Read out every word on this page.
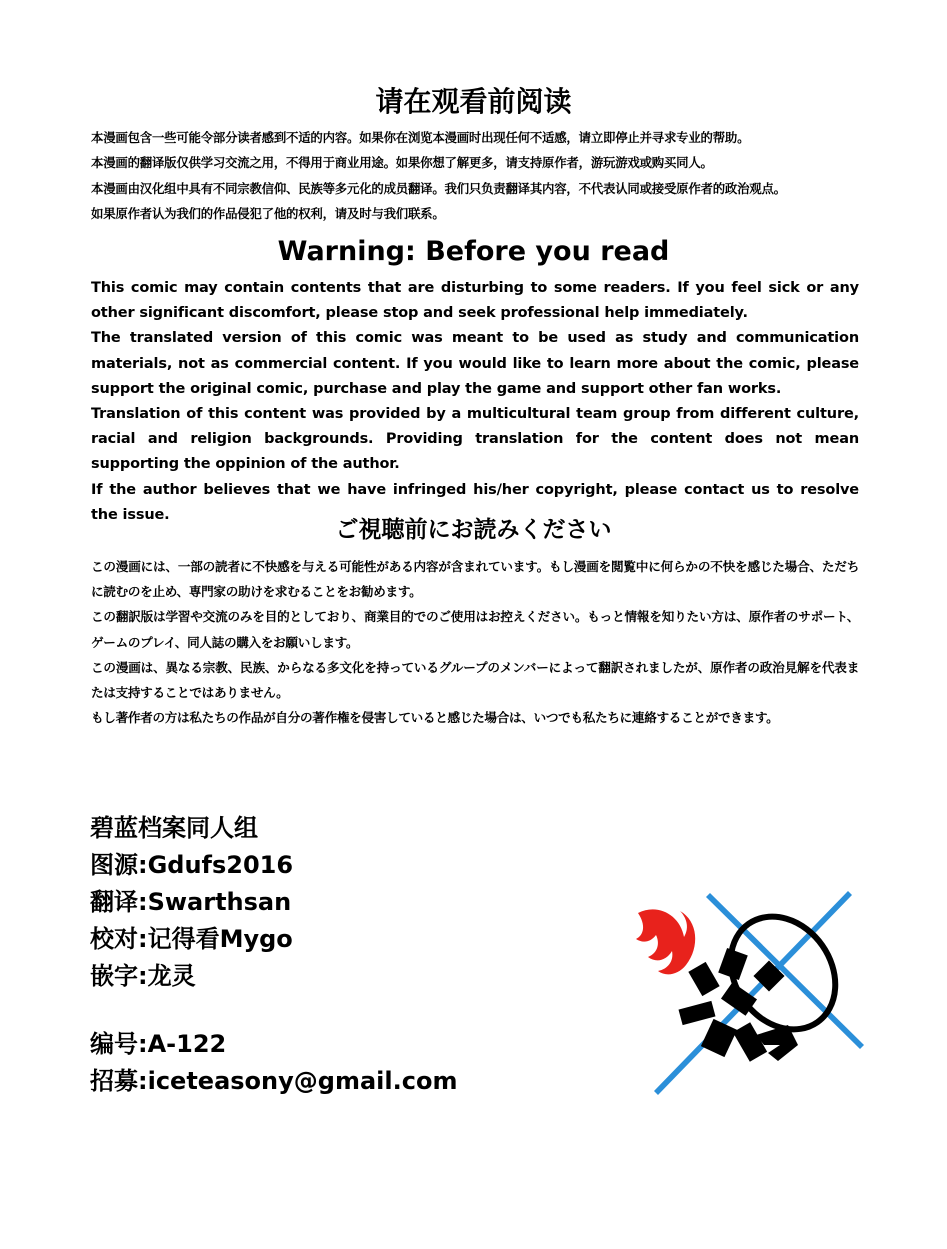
请在观看前阅读

本漫画包含一些可能令部分读者感到不适的内容。如果你在浏览本漫画时出现任何不适感，请立即停止并寻求专业的帮助。

本漫画的翻译版仅供学习交流之用，不得用于商业用途。如果你想了解更多，请支持原作者，游玩游戏或购买同人。

本漫画由汉化组中具有不同宗教信仰、民族等多元化的成员翻译。我们只负责翻译其内容，不代表认同或接受原作者的政治观点。

如果原作者认为我们的作品侵犯了他的权利，请及时与我们联系。

Warning: Before you read

This comic may contain contents that are disturbing to some readers. If you feel sick or any other significant discomfort, please stop and seek professional help immediately.

The translated version of this comic was meant to be used as study and communication materials, not as commercial content. If you would like to learn more about the comic, please support the original comic, purchase and play the game and support other fan works.

Translation of this content was provided by a multicultural team group from different culture, racial and religion backgrounds. Providing translation for the content does not mean supporting the oppinion of the author.

If the author believes that we have infringed his/her copyright, please contact us to resolve the issue.

ご視聴前にお読みください

この漫画には、一部の読者に不快感を与える可能性がある内容が含まれています。もし漫画を閲覧中に何らかの不快を感じた場合、ただちに読むのを止め、専門家の助けを求むることをお勧めます。

この翻訳版は学習や交流のみを目的としており、商業目的でのご使用はお控えください。もっと情報を知りたい方は、原作者のサポート、ゲームのプレイ、同人誌の購入をお願いします。

この漫画は、異なる宗教、民族、からなる多文化を持っているグループのメンバーによって翻訳されましたが、原作者の政治見解を代表または支持することではありません。

もし著作者の方は私たちの作品が自分の著作権を侵害していると感じた場合は、いつでも私たちに連絡することができます。

碧蓝档案同人组
图源:Gdufs2016
翻译:Swarthsan
校对:记得看Mygo
嵌字:龙灵
编号:A-122
招募:iceteasony@gmail.com
